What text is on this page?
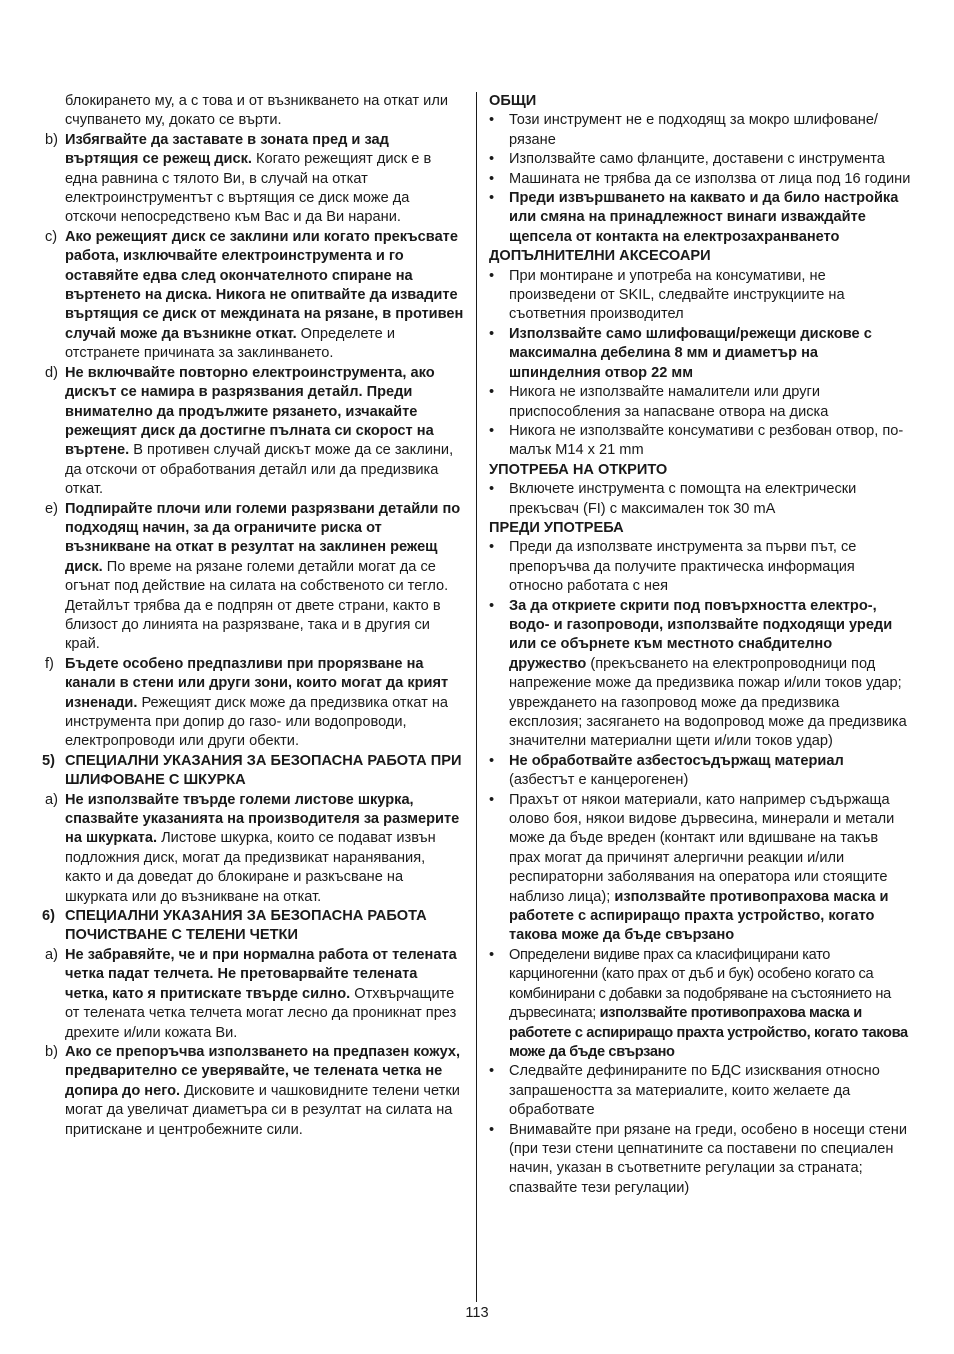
блокирането му, а с това и от възникването на откат или счупването му, докато се върти.
b) Избягвайте да заставате в зоната пред и зад въртящия се режещ диск. Когато режещият диск е в една равнина с тялото Ви, в случай на откат електроинструментът с въртящия се диск може да отскочи непосредствено към Вас и да Ви нарани.
c) Ако режещият диск се заклини или когато прекъсвате работа, изключвайте електроинструмента и го оставяйте едва след окончателното спиране на въртенето на диска. Никога не опитвайте да извадите въртящия се диск от междината на рязане, в противен случай може да възникне откат. Определете и отстранете причината за заклинването.
d) Не включвайте повторно електроинструмента, ако дискът се намира в разрязвания детайл. Преди внимателно да продължите рязането, изчакайте режещият диск да достигне пълната си скорост на въртене. В противен случай дискът може да се заклини, да отскочи от обработвания детайл или да предизвика откат.
e) Подпирайте плочи или големи разрязвани детайли по подходящ начин, за да ограничите риска от възникване на откат в резултат на заклинен режещ диск. По време на рязане големи детайли могат да се огънат под действие на силата на собственото си тегло. Детайлът трябва да е подпрян от двете страни, както в близост до линията на разрязване, така и в другия си край.
f) Бъдете особено предпазливи при прорязване на канали в стени или други зони, които могат да крият изненади. Режещият диск може да предизвика откат на инструмента при допир до газо- или водопроводи, електропроводи или други обекти.
5) СПЕЦИАЛНИ УКАЗАНИЯ ЗА БЕЗОПАСНА РАБОТА ПРИ ШЛИФОВАНЕ С ШКУРКА
a) Не използвайте твърде големи листове шкурка, спазвайте указанията на производителя за размерите на шкурката. Листове шкурка, които се подават извън подложния диск, могат да предизвикат наранявания, както и да доведат до блокиране и разкъсване на шкурката или до възникване на откат.
6) СПЕЦИАЛНИ УКАЗАНИЯ ЗА БЕЗОПАСНА РАБОТА ПОЧИСТВАНЕ С ТЕЛЕНИ ЧЕТКИ
a) Не забравяйте, че и при нормална работа от телената четка падат телчета. Не претоварвайте телената четка, като я притискате твърде силно. Отхвърчащите от телената четка телчета могат лесно да проникнат през дрехите и/или кожата Ви.
b) Ако се препоръчва използването на предпазен кожух, предварително се уверявайте, че телената четка не допира до него. Дисковите и чашковидните телени четки могат да увеличат диаметъра си в резултат на силата на притискане и центробежните сили.
ОБЩИ
•	Този инструмент не е подходящ за мокро шлифоване/рязане
•	Използвайте само фланците, доставени с инструмента
•	Машината не трябва да се използва от лица под 16 години
•	Преди извършването на каквато и да било настройка или смяна на принадлежност винаги изваждайте щепсела от контакта на електрозахранването
ДОПЪЛНИТЕЛНИ АКСЕСОАРИ
•	При монтиране и употреба на консумативи, не произведени от SKIL, следвайте инструкциите на съответния производител
•	Използвайте само шлифоващи/режещи дискове с максимална дебелина 8 мм и диаметър на шпинделния отвор 22 мм
•	Никога не използвайте намалители или други приспособления за напасване отвора на диска
•	Никога не използвайте консумативи с резбован отвор, по-малък M14 x 21 mm
УПОТРЕБА НА ОТКРИТО
•	Включете инструмента с помощта на електрически прекъсвач (FI) с максимален ток 30 mA
ПРЕДИ УПОТРЕБА
•	Преди да използвате инструмента за първи път, се препоръчва да получите практическа информация относно работата с нея
•	За да откриете скрити под повърхността електро-, водо- и газопроводи, използвайте подходящи уреди или се обърнете към местното снабдително дружество (прекъсването на електропроводници под напрежение може да предизвика пожар и/или токов удар; увреждането на газопровод може да предизвика експлозия; засягането на водопровод може да предизвика значителни материални щети и/или токов удар)
•	Не обработвайте азбестосъдържащ материал (азбестът е канцерогенен)
•	Прахът от някои материали, като например съдържаща олово боя, някои видове дървесина, минерали и метали може да бъде вреден (контакт или вдишване на такъв прах могат да причинят алергични реакции и/или респираторни заболявания на оператора или стоящите наблизо лица); използвайте противопрахова маска и работете с аспириращо прахта устройство, когато такова може да бъде свързано
•	Определени видиве прах са класифицирани като карциногенни (като прах от дъб и бук) особено когато са комбинирани с добавки за подобряване на състоянието на дървесината; използвайте противопрахова маска и работете с аспириращо прахта устройство, когато такова може да бъде свързано
•	Следвайте дефинираните по БДС изисквания относно запрашеността за материалите, които желаете да обработвате
•	Внимавайте при рязане на греди, особено в носещи стени (при тези стени цепнатините са поставени по специален начин, указан в съответните регулации за страната; спазвайте тези регулации)
113
